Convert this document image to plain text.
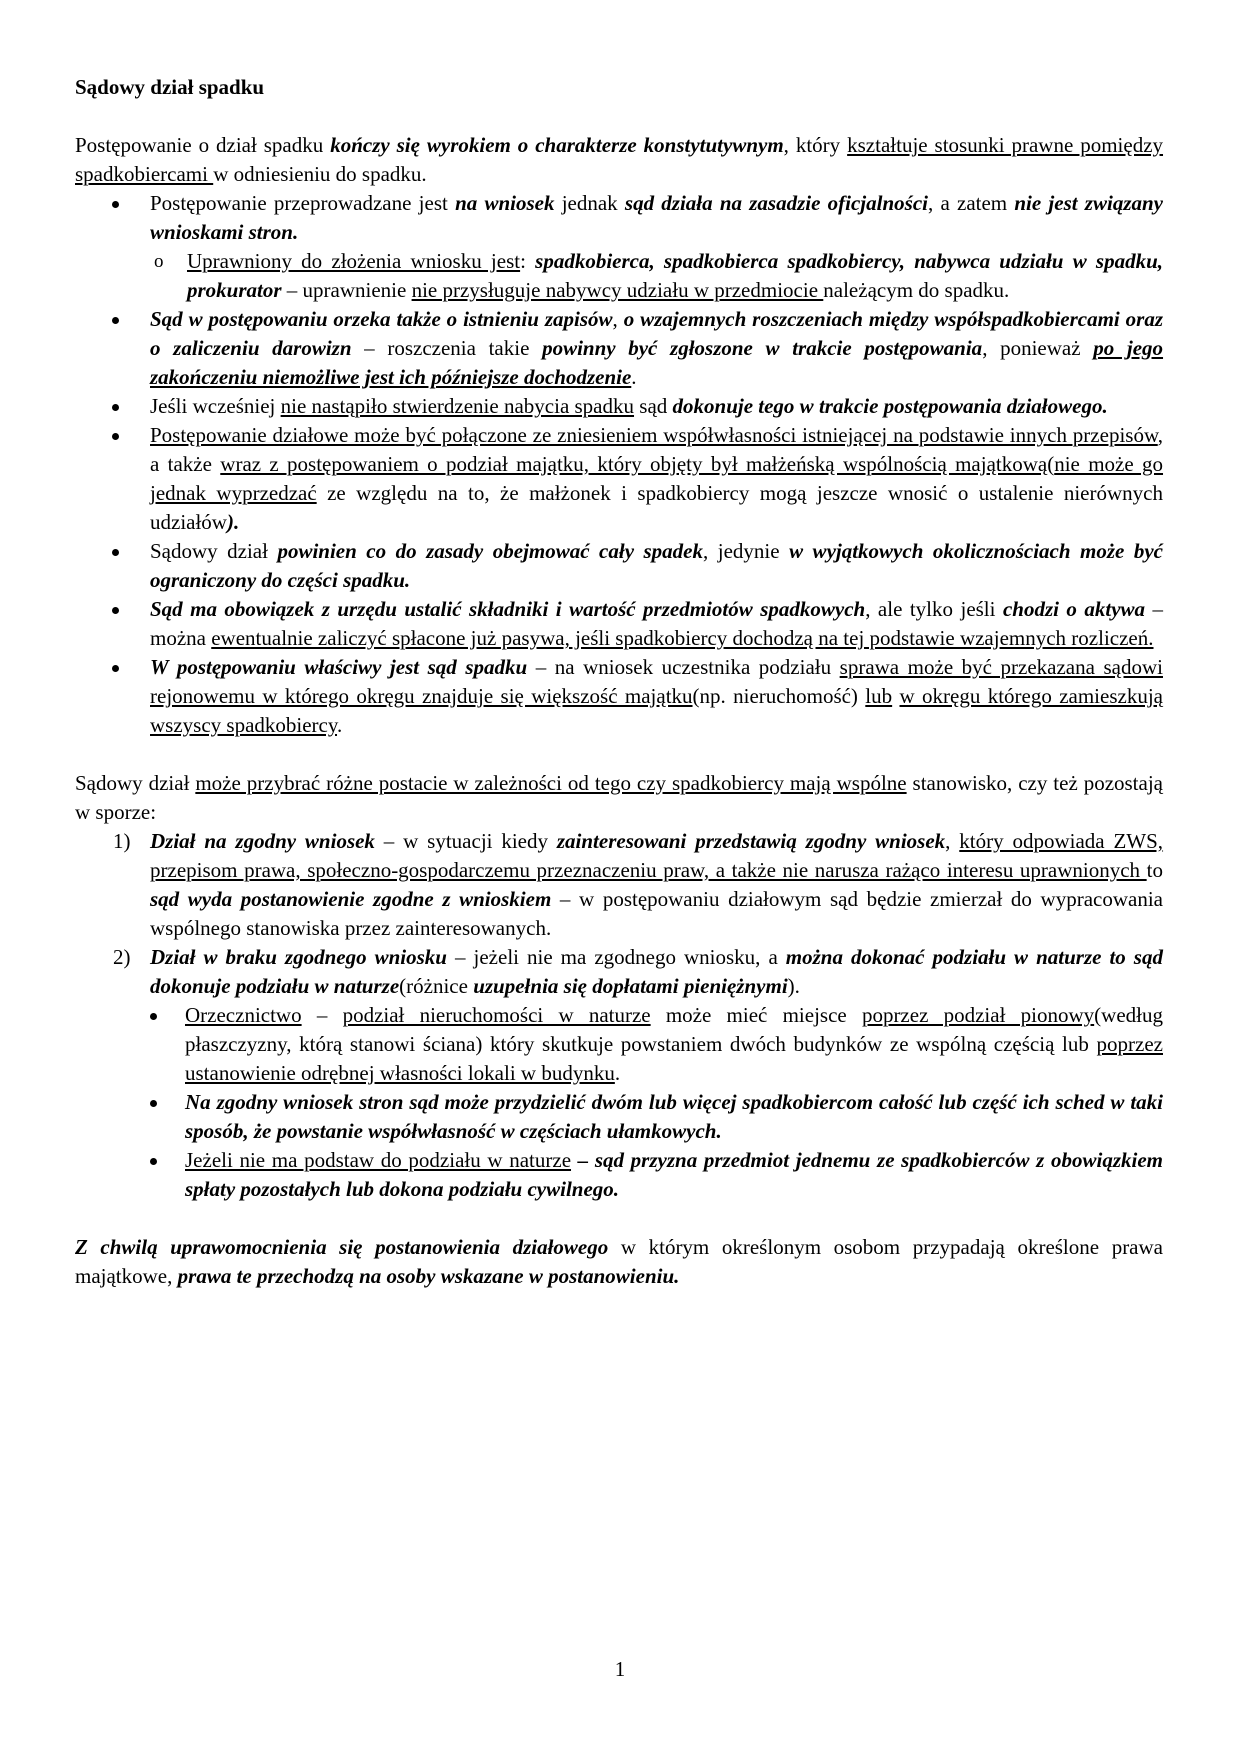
Sądowy dział spadku

Postępowanie o dział spadku kończy się wyrokiem o charakterze konstytutywnym, który kształtuje stosunki prawne pomiędzy spadkobiercami w odniesieniu do spadku.

Postępowanie przeprowadzane jest na wniosek jednak sąd działa na zasadzie oficjalności, a zatem nie jest związany wnioskami stron.
o Uprawniony do złożenia wniosku jest: spadkobierca, spadkobierca spadkobiercy, nabywca udziału w spadku, prokurator – uprawnienie nie przysługuje nabywcy udziału w przedmiocie należącym do spadku.
Sąd w postępowaniu orzeka także o istnieniu zapisów, o wzajemnych roszczeniach między współspadkobiercami oraz o zaliczeniu darowizn – roszczenia takie powinny być zgłoszone w trakcie postępowania, ponieważ po jego zakończeniu niemożliwe jest ich późniejsze dochodzenie.
Jeśli wcześniej nie nastąpiło stwierdzenie nabycia spadku sąd dokonuje tego w trakcie postępowania działowego.
Postępowanie działowe może być połączone ze zniesieniem współwłasności istniejącej na podstawie innych przepisów, a także wraz z postępowaniem o podział majątku, który objęty był małżeńską wspólnością majątkową(nie może go jednak wyprzedzać ze względu na to, że małżonek i spadkobiercy mogą jeszcze wnosić o ustalenie nierównych udziałów).
Sądowy dział powinien co do zasady obejmować cały spadek, jedynie w wyjątkowych okolicznościach może być ograniczony do części spadku.
Sąd ma obowiązek z urzędu ustalić składniki i wartość przedmiotów spadkowych, ale tylko jeśli chodzi o aktywa – można ewentualnie zaliczyć spłacone już pasywa, jeśli spadkobiercy dochodzą na tej podstawie wzajemnych rozliczeń.
W postępowaniu właściwy jest sąd spadku – na wniosek uczestnika podziału sprawa może być przekazana sądowi rejonowemu w którego okręgu znajduje się większość majątku(np. nieruchomość) lub w okręgu którego zamieszkują wszyscy spadkobiercy.

Sądowy dział może przybrać różne postacie w zależności od tego czy spadkobiercy mają wspólne stanowisko, czy też pozostają w sporze:

1) Dział na zgodny wniosek – w sytuacji kiedy zainteresowani przedstawią zgodny wniosek, który odpowiada ZWS, przepisom prawa, społeczno-gospodarczemu przeznaczeniu praw, a także nie narusza rażąco interesu uprawnionych to sąd wyda postanowienie zgodne z wnioskiem – w postępowaniu działowym sąd będzie zmierzał do wypracowania wspólnego stanowiska przez zainteresowanych.
2) Dział w braku zgodnego wniosku – jeżeli nie ma zgodnego wniosku, a można dokonać podziału w naturze to sąd dokonuje podziału w naturze(różnice uzupełnia się dopłatami pieniężnymi).
Orzecznictwo – podział nieruchomości w naturze może mieć miejsce poprzez podział pionowy(według płaszczyzny, którą stanowi ściana) który skutkuje powstaniem dwóch budynków ze wspólną częścią lub poprzez ustanowienie odrębnej własności lokali w budynku.
Na zgodny wniosek stron sąd może przydzielić dwóm lub więcej spadkobiercom całość lub część ich sched w taki sposób, że powstanie współwłasność w częściach ułamkowych.
Jeżeli nie ma podstaw do podziału w naturze – sąd przyzna przedmiot jednemu ze spadkobierców z obowiązkiem spłaty pozostałych lub dokona podziału cywilnego.

Z chwilą uprawomocnienia się postanowienia działowego w którym określonym osobom przypadają określone prawa majątkowe, prawa te przechodzą na osoby wskazane w postanowieniu.

1
